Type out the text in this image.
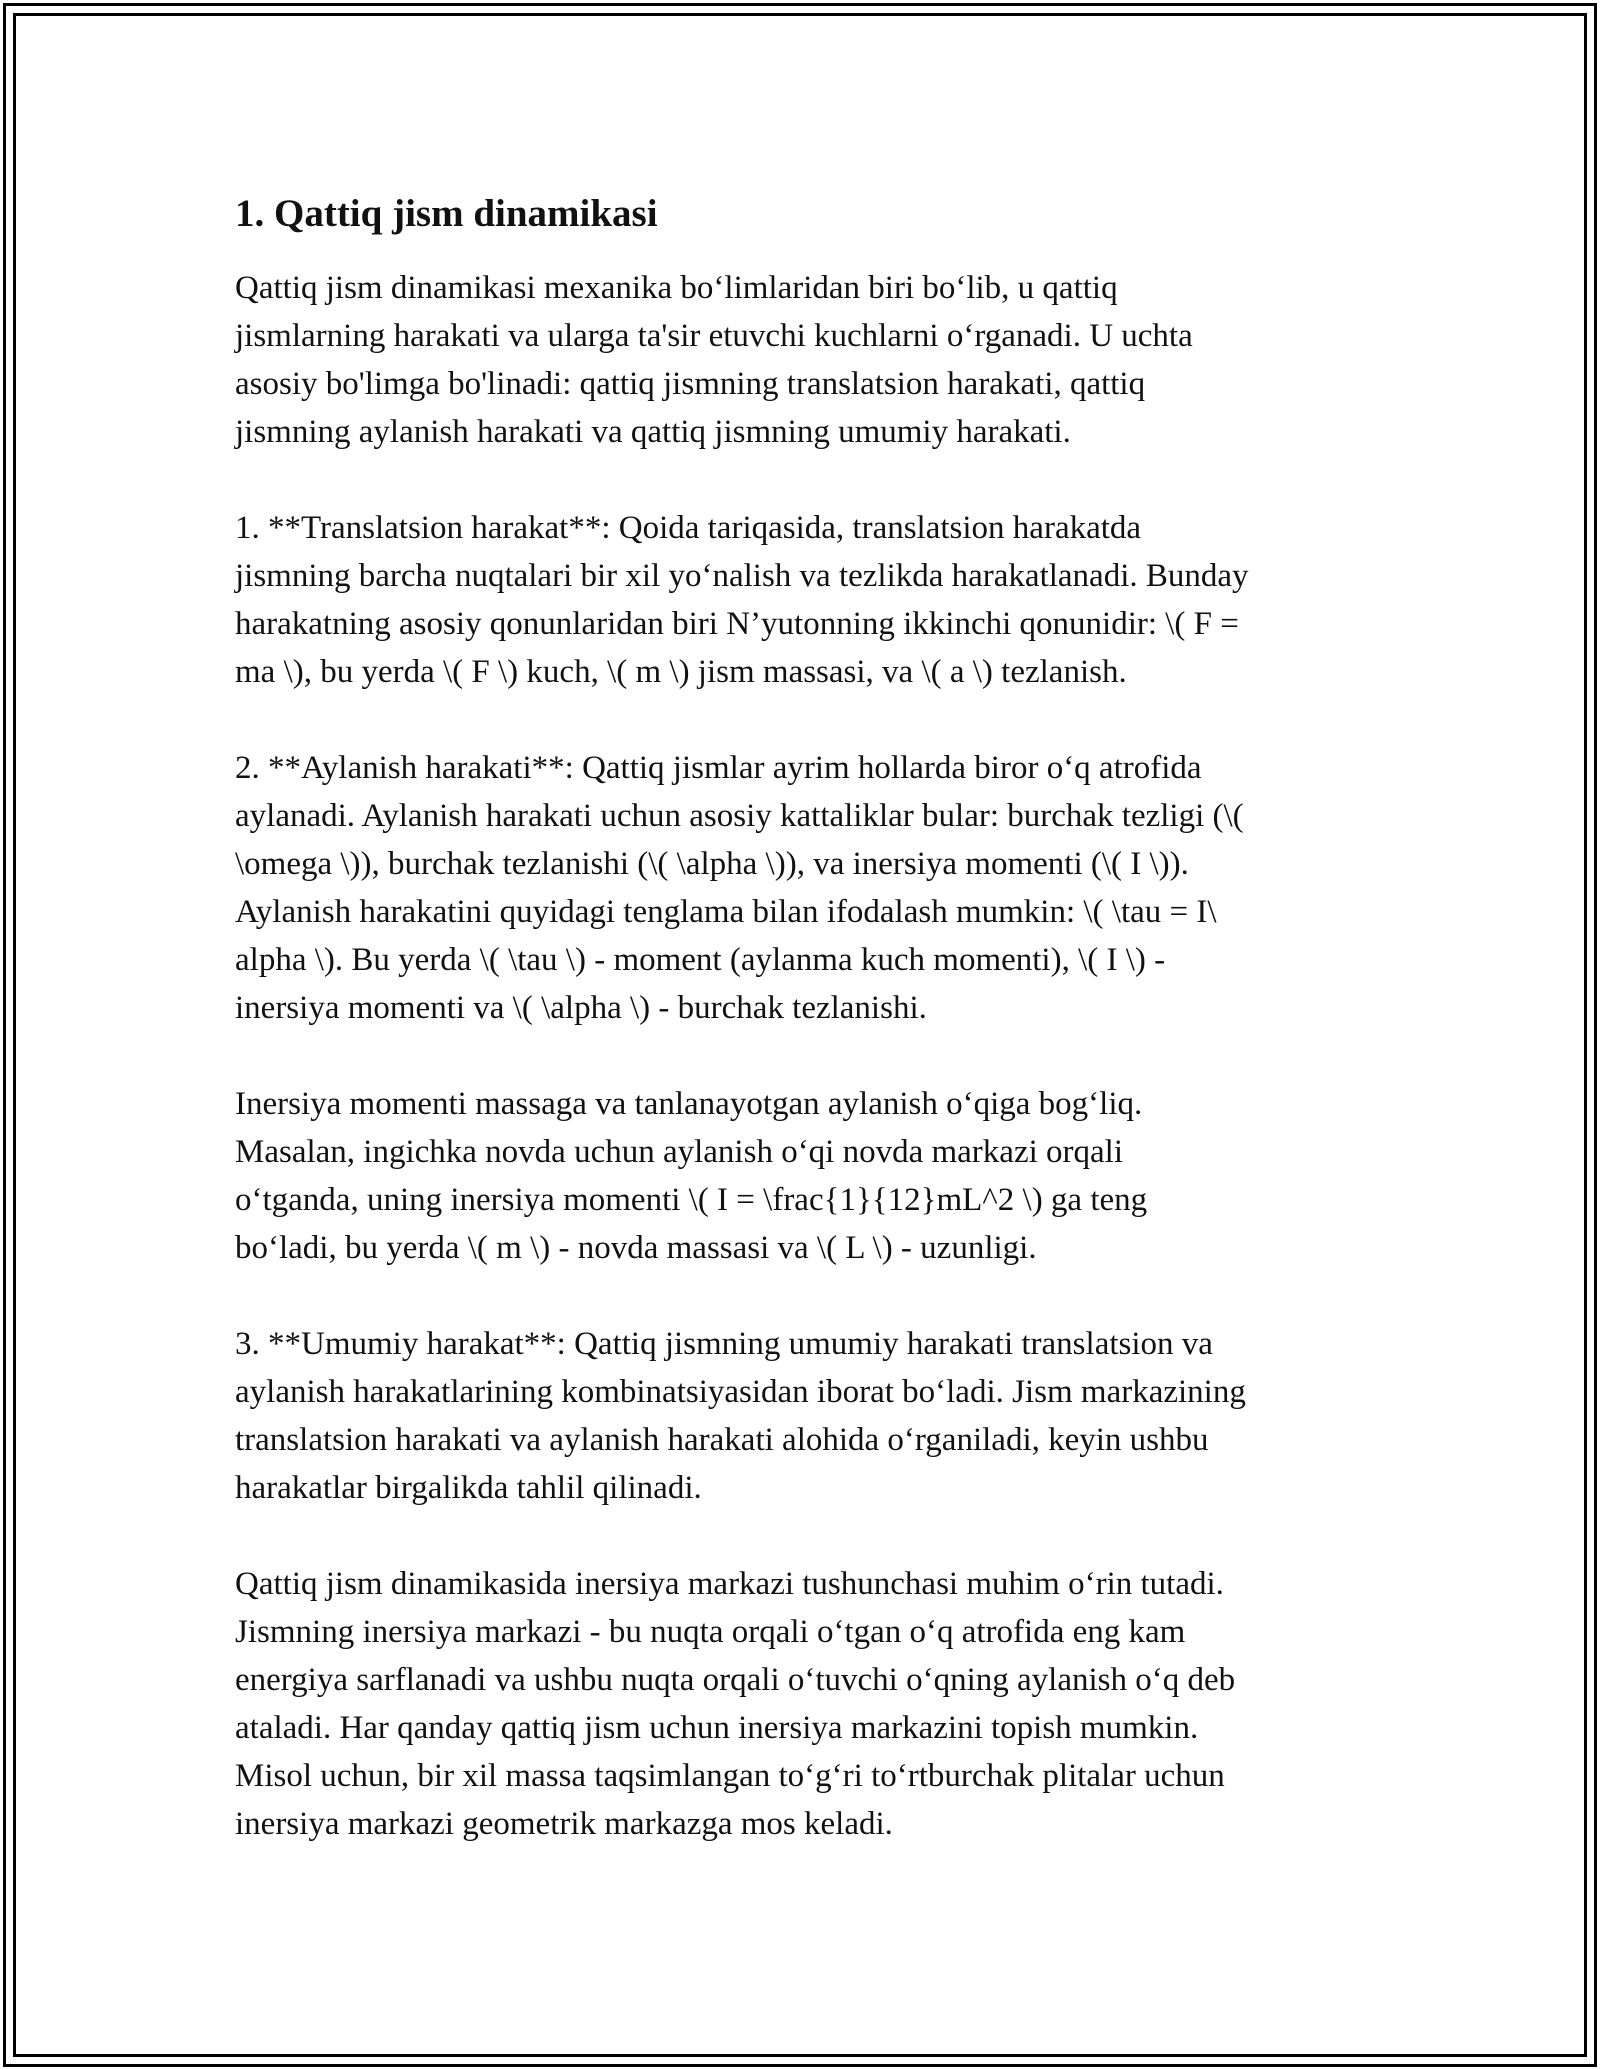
1. Qattiq jism dinamikasi

Qattiq jism dinamikasi mexanika bo‘limlaridan biri bo‘lib, u qattiq
jismlarning harakati va ularga ta'sir etuvchi kuchlarni o‘rganadi. U uchta
asosiy bo'limga bo'linadi: qattiq jismning translatsion harakati, qattiq
jismning aylanish harakati va qattiq jismning umumiy harakati.

1. **Translatsion harakat**: Qoida tariqasida, translatsion harakatda
jismning barcha nuqtalari bir xil yo‘nalish va tezlikda harakatlanadi. Bunday
harakatning asosiy qonunlaridan biri N’yutonning ikkinchi qonunidir: \( F =
ma \), bu yerda \( F \) kuch, \( m \) jism massasi, va \( a \) tezlanish.

2. **Aylanish harakati**: Qattiq jismlar ayrim hollarda biror o‘q atrofida
aylanadi. Aylanish harakati uchun asosiy kattaliklar bular: burchak tezligi (\(
\omega \)), burchak tezlanishi (\( \alpha \)), va inersiya momenti (\( I \)).
Aylanish harakatini quyidagi tenglama bilan ifodalash mumkin: \( \tau = I\
alpha \). Bu yerda \( \tau \) - moment (aylanma kuch momenti), \( I \) -
inersiya momenti va \( \alpha \) - burchak tezlanishi.

Inersiya momenti massaga va tanlanayotgan aylanish o‘qiga bog‘liq.
Masalan, ingichka novda uchun aylanish o‘qi novda markazi orqali
o‘tganda, uning inersiya momenti \( I = \frac{1}{12}mL^2 \) ga teng
bo‘ladi, bu yerda \( m \) - novda massasi va \( L \) - uzunligi.

3. **Umumiy harakat**: Qattiq jismning umumiy harakati translatsion va
aylanish harakatlarining kombinatsiyasidan iborat bo‘ladi. Jism markazining
translatsion harakati va aylanish harakati alohida o‘rganiladi, keyin ushbu
harakatlar birgalikda tahlil qilinadi.

Qattiq jism dinamikasida inersiya markazi tushunchasi muhim o‘rin tutadi.
Jismning inersiya markazi - bu nuqta orqali o‘tgan o‘q atrofida eng kam
energiya sarflanadi va ushbu nuqta orqali o‘tuvchi o‘qning aylanish o‘q deb
ataladi. Har qanday qattiq jism uchun inersiya markazini topish mumkin.
Misol uchun, bir xil massa taqsimlangan to‘g‘ri to‘rtburchak plitalar uchun
inersiya markazi geometrik markazga mos keladi.
